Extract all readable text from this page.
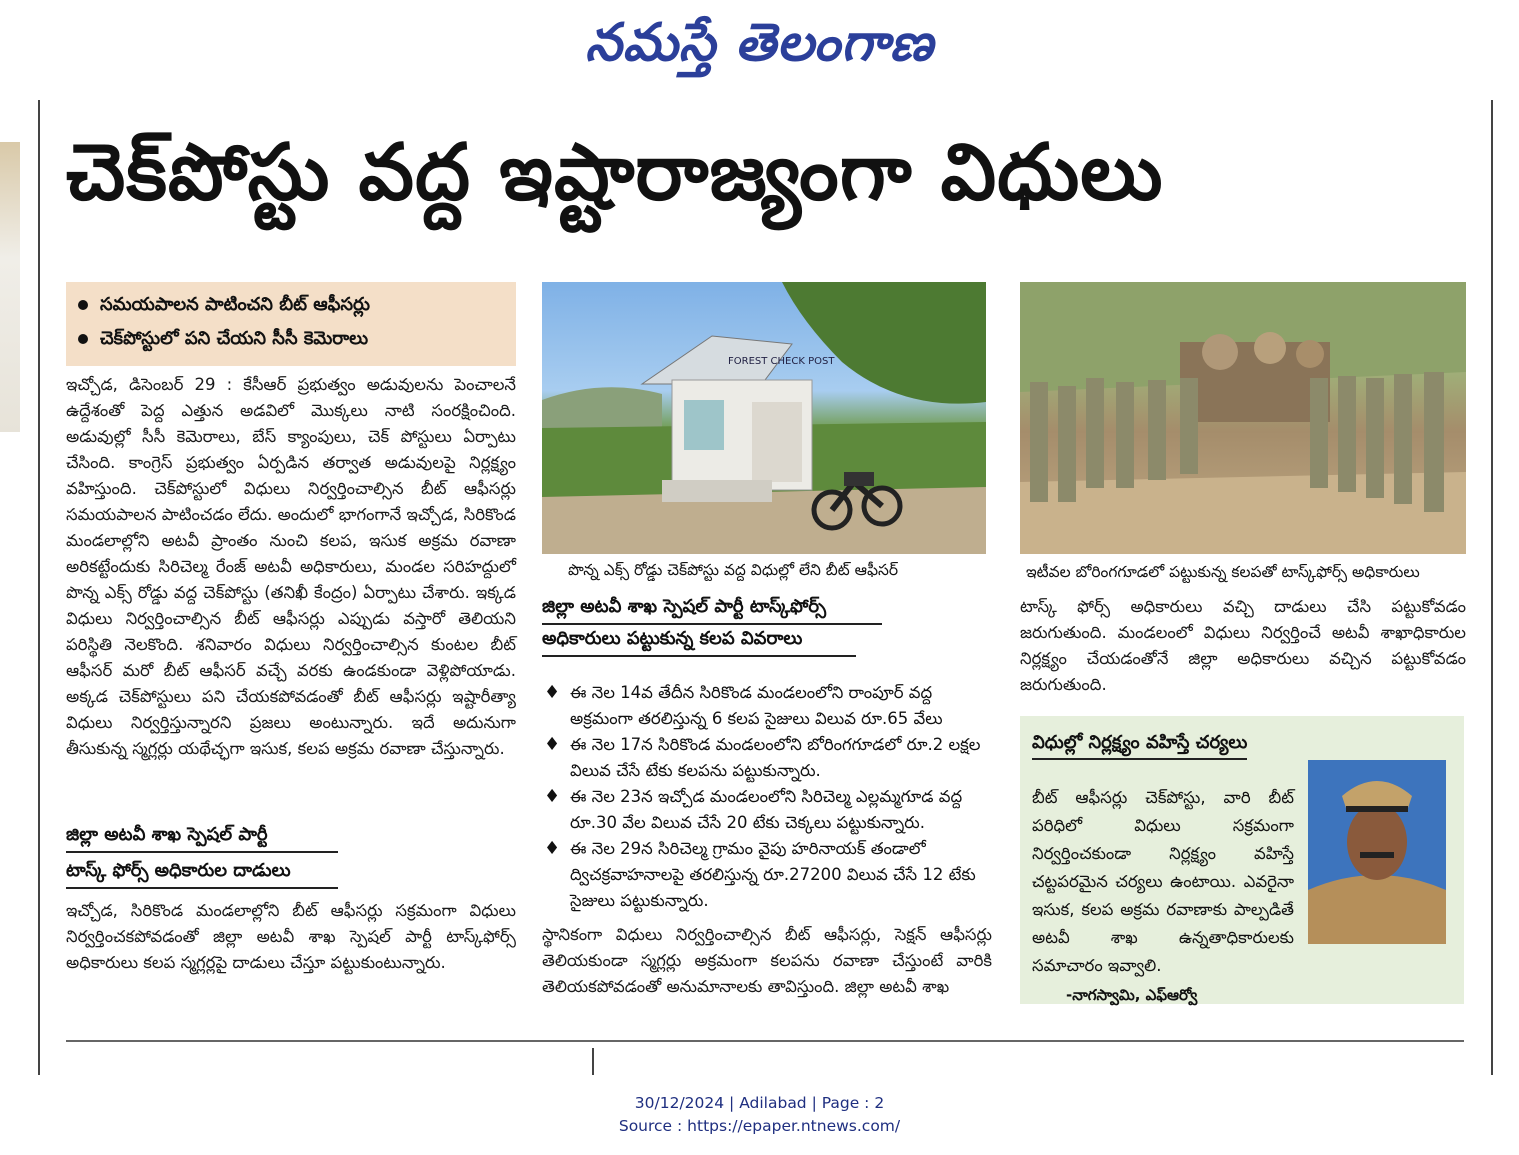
నమస్తే తెలంగాణ
చెక్‌పోస్టు వద్ద ఇష్టారాజ్యంగా విధులు
సమయపాలన పాటించని బీట్ ఆఫీసర్లు
చెక్‌పోస్టులో పని చేయని సీసీ కెమెరాలు

ఇచ్చోడ, డిసెంబర్ 29 : కేసీఆర్ ప్రభుత్వం అడువులను పెంచాలనే ఉద్దేశంతో పెద్ద ఎత్తున అడవిలో మొక్కలు నాటి సంరక్షించింది. అడువుల్లో సీసీ కెమెరాలు, బేస్ క్యాంపులు, చెక్ పోస్టులు ఏర్పాటు చేసింది. కాంగ్రెస్ ప్రభుత్వం ఏర్పడిన తర్వాత అడువులపై నిర్లక్ష్యం వహిస్తుంది. చెక్‌పోస్టులో విధులు నిర్వర్తించాల్సిన బీట్ ఆఫీసర్లు సమయపాలన పాటించడం లేదు. అందులో భాగంగానే ఇచ్చోడ, సిరికొండ మండలాల్లోని అటవీ ప్రాంతం నుంచి కలప, ఇసుక అక్రమ రవాణా అరికట్టేందుకు సిరిచెల్మ రేంజ్ అటవీ అధికారులు, మండల సరిహద్దులో పొన్న ఎక్స్ రోడ్డు వద్ద చెక్‌పోస్టు (తనిఖీ కేంద్రం) ఏర్పాటు చేశారు. ఇక్కడ విధులు నిర్వర్తించాల్సిన బీట్ ఆఫీసర్లు ఎప్పుడు వస్తారో తెలియని పరిస్థితి నెలకొంది. శనివారం విధులు నిర్వర్తించాల్సిన కుంటల బీట్ ఆఫీసర్ మరో బీట్ ఆఫీసర్ వచ్చే వరకు ఉండకుండా వెళ్లిపోయాడు. అక్కడ చెక్‌పోస్టులు పని చేయకపోవడంతో బీట్ ఆఫీసర్లు ఇష్టారీత్యా విధులు నిర్వర్తిస్తున్నారని ప్రజలు అంటున్నారు. ఇదే అదునుగా తీసుకున్న స్మగ్లర్లు యథేచ్ఛగా ఇసుక, కలప అక్రమ రవాణా చేస్తున్నారు.

జిల్లా అటవీ శాఖ స్పెషల్ పార్టీ
టాస్క్ ఫోర్స్ అధికారుల దాడులు

ఇచ్చోడ, సిరికొండ మండలాల్లోని బీట్ ఆఫీసర్లు సక్రమంగా విధులు నిర్వర్తించకపోవడంతో జిల్లా అటవీ శాఖ స్పెషల్ పార్టీ టాస్క్‌ఫోర్స్ అధికారులు కలప స్మగ్లర్లపై దాడులు చేస్తూ పట్టుకుంటున్నారు.

FOREST CHECK POST
పొన్న ఎక్స్ రోడ్డు చెక్‌పోస్టు వద్ద విధుల్లో లేని బీట్ ఆఫీసర్
జిల్లా అటవీ శాఖ స్పెషల్ పార్టీ టాస్క్‌ఫోర్స్
అధికారులు పట్టుకున్న కలప వివరాలు
♦ ఈ నెల 14వ తేదీన సిరికొండ మండలంలోని రాంపూర్ వద్ద అక్రమంగా తరలిస్తున్న 6 కలప సైజులు విలువ రూ.65 వేలు
♦ ఈ నెల 17న సిరికొండ మండలంలోని బోరింగగూడలో రూ.2 లక్షల విలువ చేసే టేకు కలపను పట్టుకున్నారు.
♦ ఈ నెల 23న ఇచ్చోడ మండలంలోని సిరిచెల్మ ఎల్లమ్మగూడ వద్ద రూ.30 వేల విలువ చేసే 20 టేకు చెక్కలు పట్టుకున్నారు.
♦ ఈ నెల 29న సిరిచెల్మ గ్రామం వైపు హరినాయక్ తండాలో ద్విచక్రవాహనాలపై తరలిస్తున్న రూ.27200 విలువ చేసే 12 టేకు సైజులు పట్టుకున్నారు.

స్థానికంగా విధులు నిర్వర్తించాల్సిన బీట్ ఆఫీసర్లు, సెక్షన్ ఆఫీసర్లు తెలియకుండా స్మగ్లర్లు అక్రమంగా కలపను రవాణా చేస్తుంటే వారికి తెలియకపోవడంతో అనుమానాలకు తావిస్తుంది. జిల్లా అటవీ శాఖ

ఇటీవల బోరింగగూడలో పట్టుకున్న కలపతో టాస్క్‌ఫోర్స్ అధికారులు

టాస్క్ ఫోర్స్ అధికారులు వచ్చి దాడులు చేసి పట్టుకోవడం జరుగుతుంది. మండలంలో విధులు నిర్వర్తించే అటవీ శాఖాధికారుల నిర్లక్ష్యం చేయడంతోనే జిల్లా అధికారులు వచ్చిన పట్టుకోవడం జరుగుతుంది.

విధుల్లో నిర్లక్ష్యం వహిస్తే చర్యలు

బీట్ ఆఫీసర్లు చెక్‌పోస్టు, వారి బీట్ పరిధిలో విధులు సక్రమంగా నిర్వర్తించకుండా నిర్లక్ష్యం వహిస్తే చట్టపరమైన చర్యలు ఉంటాయి. ఎవరైనా ఇసుక, కలప అక్రమ రవాణాకు పాల్పడితే అటవీ శాఖ ఉన్నతాధికారులకు సమాచారం ఇవ్వాలి.

-నాగస్వామి, ఎఫ్ఆర్వో
30/12/2024 | Adilabad | Page : 2
Source : https://epaper.ntnews.com/
